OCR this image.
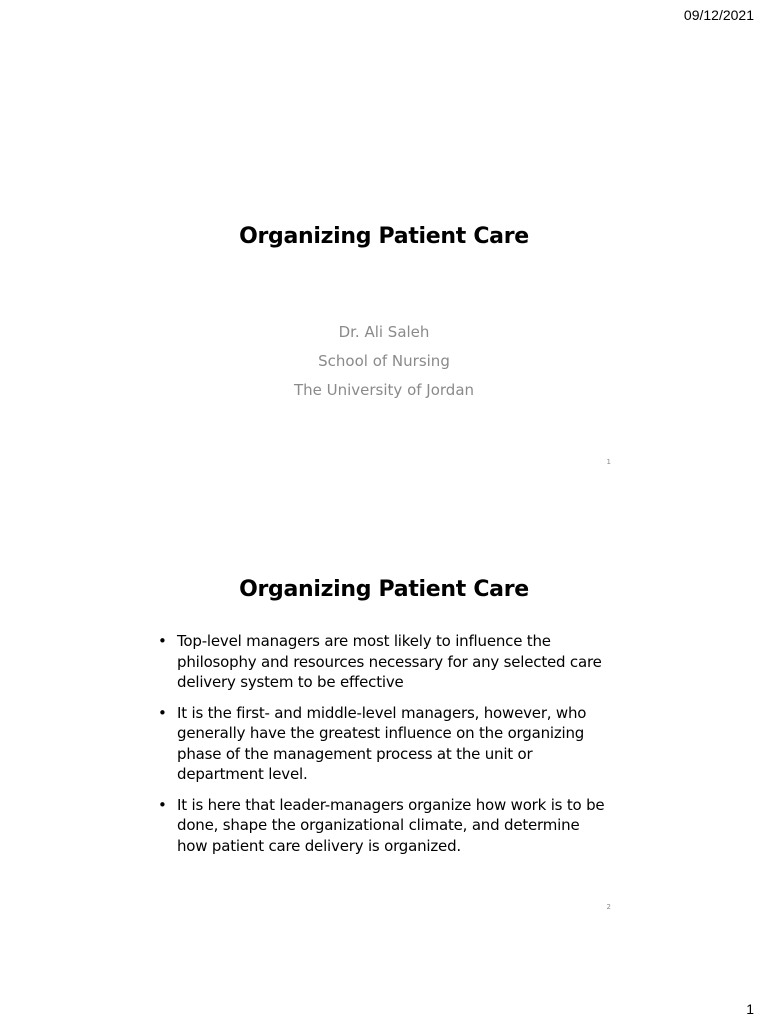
09/12/2021
Organizing Patient Care
Dr. Ali Saleh
School of Nursing
The University of Jordan
1
Organizing Patient Care
• Top-level managers are most likely to influence the philosophy and resources necessary for any selected care delivery system to be effective
• It is the first- and middle-level managers, however, who generally have the greatest influence on the organizing phase of the management process at the unit or department level.
• It is here that leader-managers organize how work is to be done, shape the organizational climate, and determine how patient care delivery is organized.
2
1
